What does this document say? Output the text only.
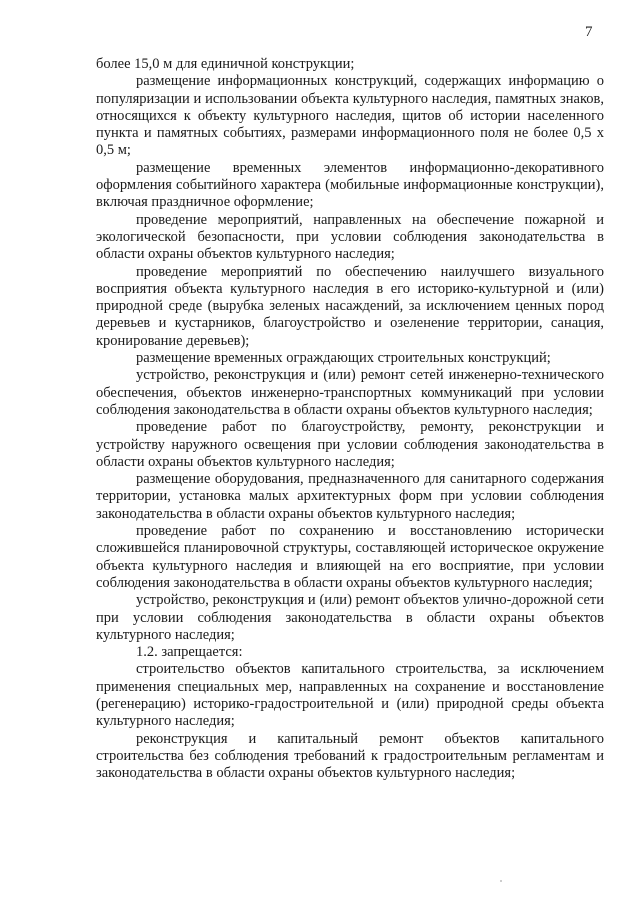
7

более 15,0 м для единичной конструкции;

размещение информационных конструкций, содержащих информацию о популяризации и использовании объекта культурного наследия, памятных знаков, относящихся к объекту культурного наследия, щитов об истории населенного пункта и памятных событиях, размерами информационного поля не более 0,5 х 0,5 м;

размещение временных элементов информационно-декоративного оформления событийного характера (мобильные информационные конструкции), включая праздничное оформление;

проведение мероприятий, направленных на обеспечение пожарной и экологической безопасности, при условии соблюдения законодательства в области охраны объектов культурного наследия;

проведение мероприятий по обеспечению наилучшего визуального восприятия объекта культурного наследия в его историко-культурной и (или) природной среде (вырубка зеленых насаждений, за исключением ценных пород деревьев и кустарников, благоустройство и озеленение территории, санация, кронирование деревьев);

размещение временных ограждающих строительных конструкций;

устройство, реконструкция и (или) ремонт сетей инженерно-технического обеспечения, объектов инженерно-транспортных коммуникаций при условии соблюдения законодательства в области охраны объектов культурного наследия;

проведение работ по благоустройству, ремонту, реконструкции и устройству наружного освещения при условии соблюдения законодательства в области охраны объектов культурного наследия;

размещение оборудования, предназначенного для санитарного содержания территории, установка малых архитектурных форм при условии соблюдения законодательства в области охраны объектов культурного наследия;

проведение работ по сохранению и восстановлению исторически сложившейся планировочной структуры, составляющей историческое окружение объекта культурного наследия и влияющей на его восприятие, при условии соблюдения законодательства в области охраны объектов культурного наследия;

устройство, реконструкция и (или) ремонт объектов улично-дорожной сети при условии соблюдения законодательства в области охраны объектов культурного наследия;

1.2. запрещается:

строительство объектов капитального строительства, за исключением применения специальных мер, направленных на сохранение и восстановление (регенерацию) историко-градостроительной и (или) природной среды объекта культурного наследия;

реконструкция и капитальный ремонт объектов капитального строительства без соблюдения требований к градостроительным регламентам и законодательства в области охраны объектов культурного наследия;
